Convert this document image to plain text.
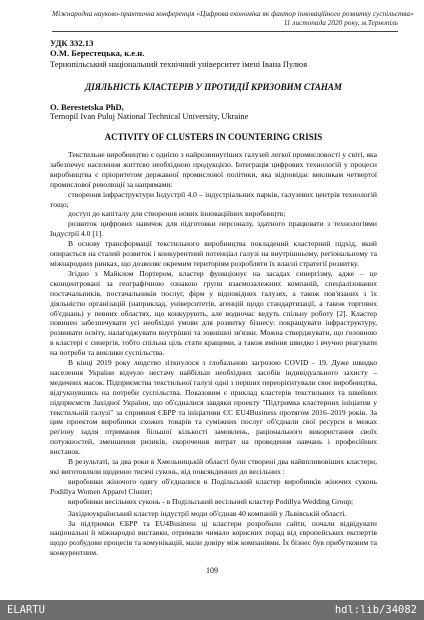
Міжнародна науково-практична конференція «Цифрова економіка як фактор інноваційного розвитку суспільства»
11 листопада 2020 року, м.Тернопіль
УДК 332.13
О.М. Берестецька, к.е.н.
Тернопільський національний технічний університет імені Івана Пулюя
ДІЯЛЬНІСТЬ КЛАСТЕРІВ У ПРОТИДІЇ КРИЗОВИМ СТАНАМ
O. Berestetska PhD,
Ternopil Ivan Puluj National Technical University, Ukraine
ACTIVITY OF CLUSTERS IN COUNTERING CRISIS

Текстильне виробництво є однією з найрозвинутіших галузей легкої промисловості у світі, яка забезпечує населення життєво необхідною продукцією. Інтеграція цифрових технологій у процеси виробництва є пріоритетом державної промислової політики, яка відповідає викликам четвертої промислової революції за напрямами:

створення інфраструктури Індустрії 4.0 – індустріальних парків, галузевих центрів технологій тощо;

доступ до капіталу для створення нових інноваційних виробництв;

розвиток цифрових навичок для підготовки персоналу, здатного працювати з технологіями Індустрії 4.0 [1].

В основу трансформації текстильного виробництва покладений кластерний підхід, який опирається на сталий розвиток і конкурентний потенціал галузі на внутрішньому, регіональному та міжнародних ринках, що дозволяє окремим територіям розробляти їх власні стратегії розвитку.

Згідно з Майклом Портером, кластер функціонує на засадах синергізму, адже – це сконцентровані за географічною ознакою групи взаємозалежних компаній, спеціалізованих постачальників, постачальників послуг, фірм у відповідних галузях, а також пов'язаних з їх діяльністю організацій (наприклад, університетів, агенцій щодо стандартизації, а також торгових об'єднань) у певних областях, що конкурують, але водночас ведуть спільну роботу [2]. Кластер повинен забезпечувати усі необхідні умови для розвитку бізнесу: покращувати інфраструктуру, розвивати освіту, налагоджувати внутрішні та зовнішні зв'язки. Можна стверджувати, що головною в кластері є синергія, тобто спільна ціль стати кращими, а також вміння швидко і вчучно реагувати на потреби та виклики суспільства.

В кінці 2019 року людство зіткнулося з глобальною загрозою COVID - 19. Дуже швидко населення України відчуло нестачу найбільш необхідних засобів індивідуального захисту – медичних масок. Підприємства текстильної галузі одні з перших переорієнтували своє виробництва, відгукнувшись на потреби суспільства. Показовим є приклад кластерів текстильних та швейних підприємств Західної України, що об'єдналися завдяки проекту "Підтримка кластерних ініціатив у текстильній галузі" за сприяння ЄБРР та ініціативи ЄС EU4Business протягом 2016–2019 років. За цим проектом виробники схожих товарів та суміжних послуг об'єднали свої ресурси в межах регіону задля отримання більшої кількості замовлень, раціонального використання своїх потужностей, зменшення ризиків, скорочення витрат на проведення навчань і професійних виставок.

В результаті, за два роки в Хмельницькій області були створені два найвпливовіших кластери, які виготовляли щоденно тисячі суконь, від повсякденних до весільних :

виробники жіночого одягу об'єдналися в Подільський кластер виробників жіночих суконь Podillya Women Apparel Cluster;

виробники весільних суконь - в Подільський весільний кластер Podillya Wedding Group;

Західноукраїнський кластер індустрії моди об'єднав 40 компаній у Львівській області.

За підтримки ЄБРР та EU4Business ці кластери розробили сайти, почали відвідувати національні й міжнародні виставки, отримали чимало корисних порад від європейських експертів щодо розбудови процесів та комунікацій, мали довіру між компаніями. Їх бізнес був прибутковим та конкурентним.

109
ELARTU	hdl:lib/34082
